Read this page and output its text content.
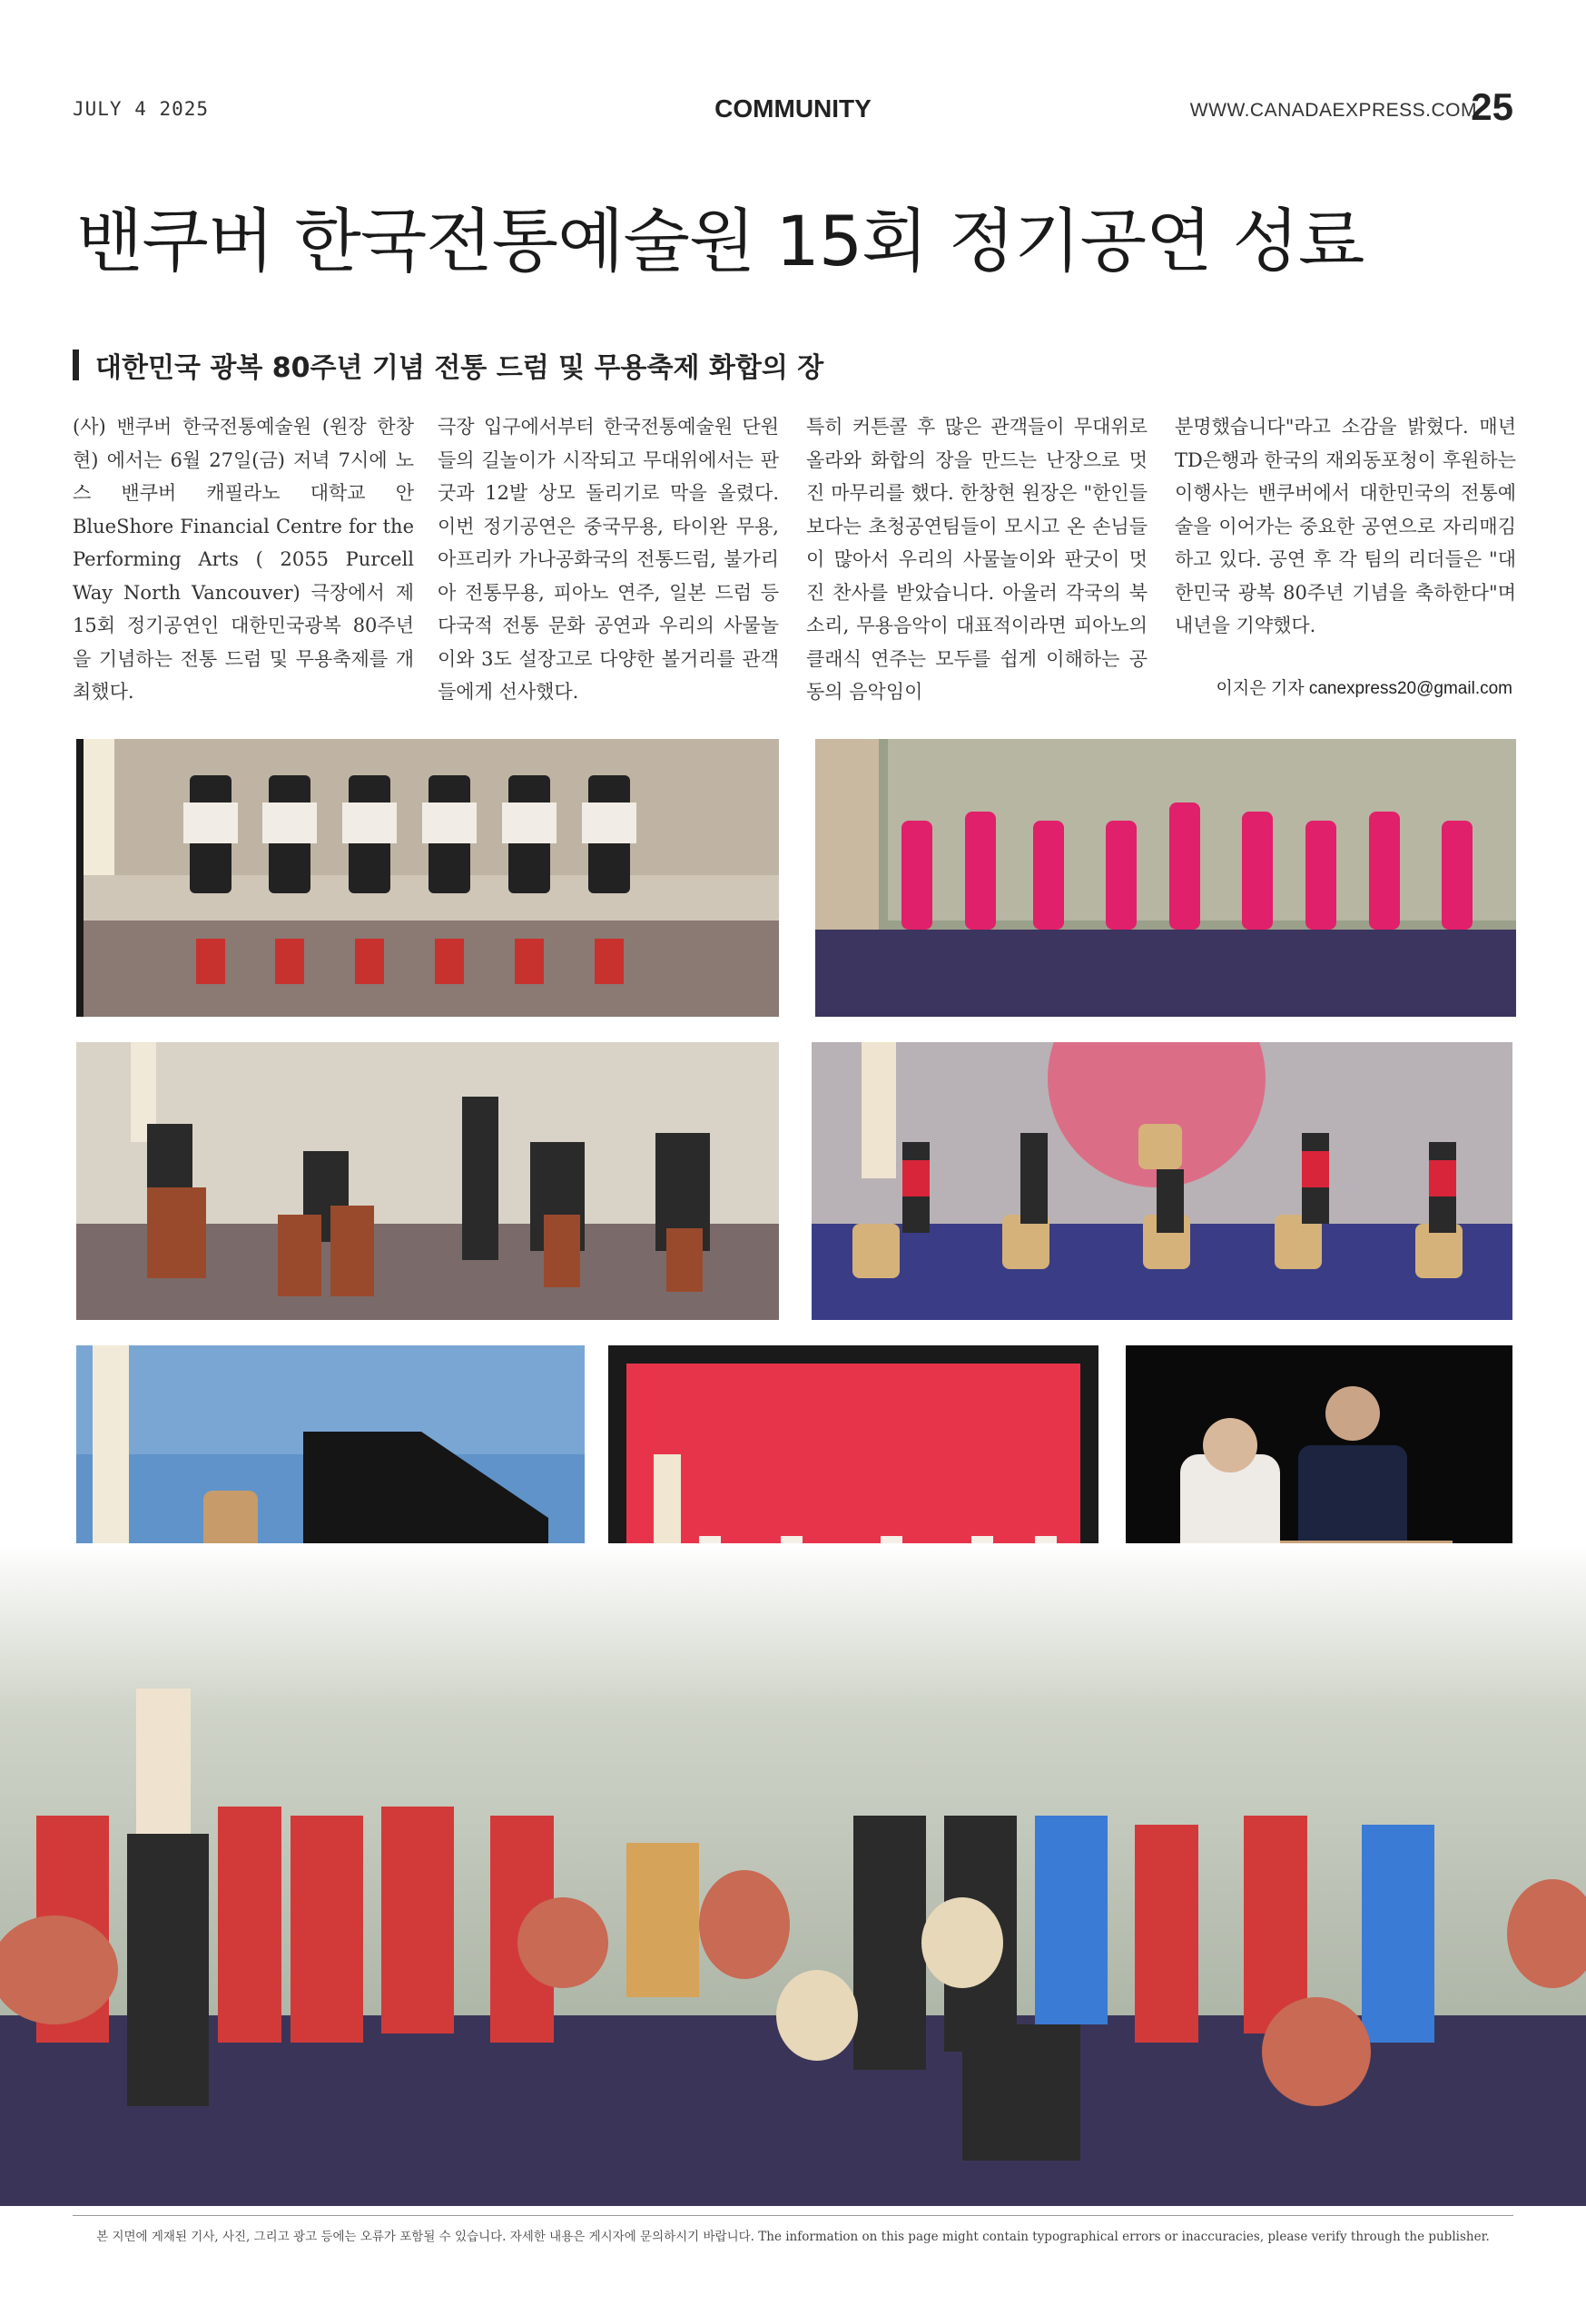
JULY 4 2025	COMMUNITY	WWW.CANADAEXPRESS.COM
25
밴쿠버 한국전통예술원 15회 정기공연 성료
대한민국 광복 80주년 기념 전통 드럼 및 무용축제 화합의 장
(사) 밴쿠버 한국전통예술원 (원장 한창현) 에서는 6월 27일(금) 저녁 7시에 노스 밴쿠버 캐필라노 대학교 안 BlueShore Financial Centre for the Performing Arts ( 2055 Purcell Way North Vancouver) 극장에서 제 15회 정기공연인 대한민국광복 80주년을 기념하는 전통 드럼 및 무용축제를 개최했다.
극장 입구에서부터 한국전통예술원 단원들의 길놀이가 시작되고 무대위에서는 판굿과 12발 상모 돌리기로 막을 올렸다. 이번 정기공연은 중국무용, 타이완 무용,아프리카 가나공화국의 전통드럼, 불가리아 전통무용, 피아노 연주, 일본 드럼 등 다국적 전통 문화 공연과 우리의 사물놀이와 3도 설장고로 다양한 볼거리를 관객들에게 선사했다.
특히 커튼콜 후 많은 관객들이 무대위로 올라와 화합의 장을 만드는 난장으로 멋진 마무리를 했다. 한창현 원장은 "한인들보다는 초청공연팀들이 모시고 온 손님들이 많아서 우리의 사물놀이와 판굿이 멋진 찬사를 받았습니다. 아울러 각국의 북소리, 무용음악이 대표적이라면 피아노의 클래식 연주는 모두를 쉽게 이해하는 공동의 음악임이
분명했습니다"라고 소감을 밝혔다. 매년 TD은행과 한국의 재외동포청이 후원하는 이행사는 밴쿠버에서 대한민국의 전통예술을 이어가는 중요한 공연으로 자리매김하고 있다. 공연 후 각 팀의 리더들은 "대한민국 광복 80주년 기념을 축하한다"며 내년을 기약했다.
이지은 기자 canexpress20@gmail.com
본 지면에 게재된 기사, 사진, 그리고 광고 등에는 오류가 포함될 수 있습니다. 자세한 내용은 게시자에 문의하시기 바랍니다. The information on this page might contain typographical errors or inaccuracies, please verify through the publisher.
